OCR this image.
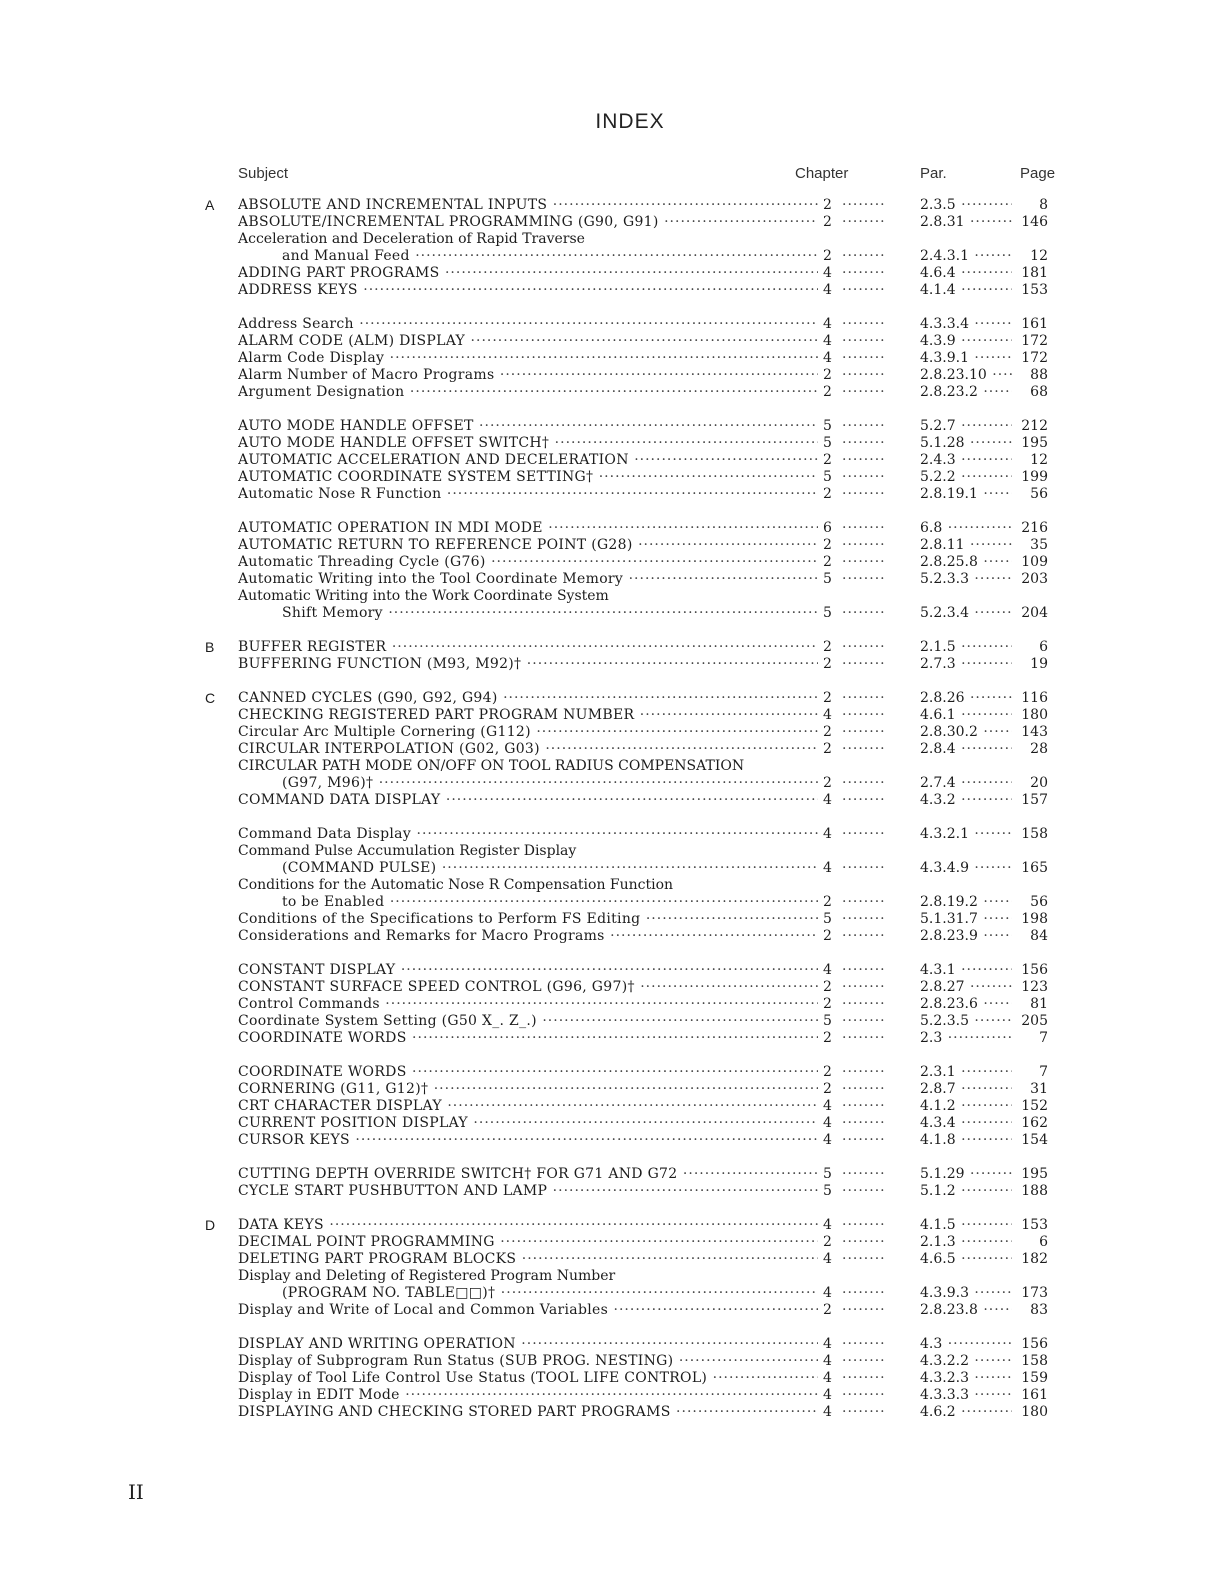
INDEX
Subject	Chapter	Par.	Page
A ABSOLUTE AND INCREMENTAL INPUTS ·····	2 ········	2.3.5 ·····	8
ABSOLUTE/INCREMENTAL PROGRAMMING (G90, G91) ·····	2 ········	2.8.31 ·····	146
Acceleration and Deceleration of Rapid Traverse
and Manual Feed ·····	2 ········	2.4.3.1 ·····	12
ADDING PART PROGRAMS ·····	4 ········	4.6.4 ·····	181
ADDRESS KEYS ·····	4 ········	4.1.4 ·····	153
Address Search ·····	4 ········	4.3.3.4 ·····	161
ALARM CODE (ALM) DISPLAY ·····	4 ········	4.3.9 ·····	172
Alarm Code Display ·····	4 ········	4.3.9.1 ·····	172
Alarm Number of Macro Programs ·····	2 ········	2.8.23.10 ·····	88
Argument Designation ·····	2 ········	2.8.23.2 ·····	68
AUTO MODE HANDLE OFFSET ·····	5 ········	5.2.7 ·····	212
AUTO MODE HANDLE OFFSET SWITCH† ·····	5 ········	5.1.28 ·····	195
AUTOMATIC ACCELERATION AND DECELERATION ·····	2 ········	2.4.3 ·····	12
AUTOMATIC COORDINATE SYSTEM SETTING† ·····	5 ········	5.2.2 ·····	199
Automatic Nose R Function ·····	2 ········	2.8.19.1 ·····	56
AUTOMATIC OPERATION IN MDI MODE ·····	6 ········	6.8 ·····	216
AUTOMATIC RETURN TO REFERENCE POINT (G28) ·····	2 ········	2.8.11 ·····	35
Automatic Threading Cycle (G76) ·····	2 ········	2.8.25.8 ·····	109
Automatic Writing into the Tool Coordinate Memory ·····	5 ········	5.2.3.3 ·····	203
Automatic Writing into the Work Coordinate System
Shift Memory ·····	5 ········	5.2.3.4 ·····	204
B BUFFER REGISTER ·····	2 ········	2.1.5 ·····	6
BUFFERING FUNCTION (M93, M92)† ·····	2 ········	2.7.3 ·····	19
C CANNED CYCLES (G90, G92, G94) ·····	2 ········	2.8.26 ·····	116
CHECKING REGISTERED PART PROGRAM NUMBER ·····	4 ········	4.6.1 ·····	180
Circular Arc Multiple Cornering (G112) ·····	2 ········	2.8.30.2 ·····	143
CIRCULAR INTERPOLATION (G02, G03) ·····	2 ········	2.8.4 ·····	28
CIRCULAR PATH MODE ON/OFF ON TOOL RADIUS COMPENSATION
(G97, M96)† ·····	2 ········	2.7.4 ·····	20
COMMAND DATA DISPLAY ·····	4 ········	4.3.2 ·····	157
Command Data Display ·····	4 ········	4.3.2.1 ·····	158
Command Pulse Accumulation Register Display
(COMMAND PULSE) ·····	4 ········	4.3.4.9 ·····	165
Conditions for the Automatic Nose R Compensation Function
to be Enabled ·····	2 ········	2.8.19.2 ·····	56
Conditions of the Specifications to Perform FS Editing ·····	5 ········	5.1.31.7 ·····	198
Considerations and Remarks for Macro Programs ·····	2 ········	2.8.23.9 ·····	84
CONSTANT DISPLAY ·····	4 ········	4.3.1 ·····	156
CONSTANT SURFACE SPEED CONTROL (G96, G97)† ·····	2 ········	2.8.27 ·····	123
Control Commands ·····	2 ········	2.8.23.6 ·····	81
Coordinate System Setting (G50 X_. Z_.) ·····	5 ········	5.2.3.5 ·····	205
COORDINATE WORDS ·····	2 ········	2.3 ·····	7
COORDINATE WORDS ·····	2 ········	2.3.1 ·····	7
CORNERING (G11, G12)† ·····	2 ········	2.8.7 ·····	31
CRT CHARACTER DISPLAY ·····	4 ········	4.1.2 ·····	152
CURRENT POSITION DISPLAY ·····	4 ········	4.3.4 ·····	162
CURSOR KEYS ·····	4 ········	4.1.8 ·····	154
CUTTING DEPTH OVERRIDE SWITCH† FOR G71 AND G72 ·····	5 ········	5.1.29 ·····	195
CYCLE START PUSHBUTTON AND LAMP ·····	5 ········	5.1.2 ·····	188
D DATA KEYS ·····	4 ········	4.1.5 ·····	153
DECIMAL POINT PROGRAMMING ·····	2 ········	2.1.3 ·····	6
DELETING PART PROGRAM BLOCKS ·····	4 ········	4.6.5 ·····	182
Display and Deleting of Registered Program Number
(PROGRAM NO. TABLE□□)† ·····	4 ········	4.3.9.3 ·····	173
Display and Write of Local and Common Variables ·····	2 ········	2.8.23.8 ·····	83
DISPLAY AND WRITING OPERATION ·····	4 ········	4.3 ·····	156
Display of Subprogram Run Status (SUB PROG. NESTING) ·····	4 ········	4.3.2.2 ·····	158
Display of Tool Life Control Use Status (TOOL LIFE CONTROL) ·····	4 ········	4.3.2.3 ·····	159
Display in EDIT Mode ·····	4 ········	4.3.3.3 ·····	161
DISPLAYING AND CHECKING STORED PART PROGRAMS ·····	4 ········	4.6.2 ·····	180
II
